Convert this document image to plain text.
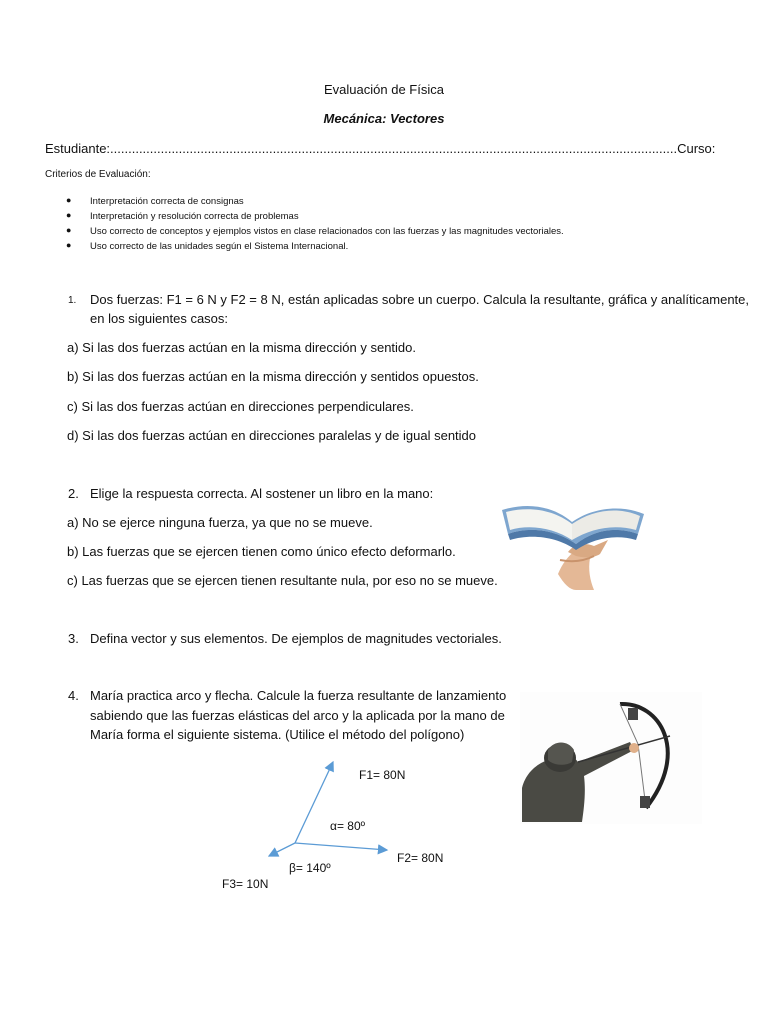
Evaluación de Física
Mecánica: Vectores
Estudiante:.............................................................................................................................................................Curso:
Criterios de Evaluación:
● Interpretación correcta de consignas
● Interpretación y resolución correcta de problemas
● Uso correcto de conceptos y ejemplos vistos en clase relacionados con las fuerzas y las magnitudes vectoriales.
● Uso correcto de las unidades según el Sistema Internacional.
1. Dos fuerzas: F1 = 6 N y F2 = 8 N, están aplicadas sobre un cuerpo. Calcula la resultante, gráfica y analíticamente,
en los siguientes casos:
a) Si las dos fuerzas actúan en la misma dirección y sentido.
b) Si las dos fuerzas actúan en la misma dirección y sentidos opuestos.
c) Si las dos fuerzas actúan en direcciones perpendiculares.
d) Si las dos fuerzas actúan en direcciones paralelas y de igual sentido
2. Elige la respuesta correcta. Al sostener un libro en la mano:
a) No se ejerce ninguna fuerza, ya que no se mueve.
b) Las fuerzas que se ejercen tienen como único efecto deformarlo.
c) Las fuerzas que se ejercen tienen resultante nula, por eso no se mueve.
3. Defina vector y sus elementos. De ejemplos de magnitudes vectoriales.
4. María practica arco y flecha. Calcule la fuerza resultante de lanzamiento
sabiendo que las fuerzas elásticas del arco y la aplicada por la mano de
María forma el siguiente sistema. (Utilice el método del polígono)
F1= 80N
α= 80º
F2= 80N
β= 140º
F3= 10N
